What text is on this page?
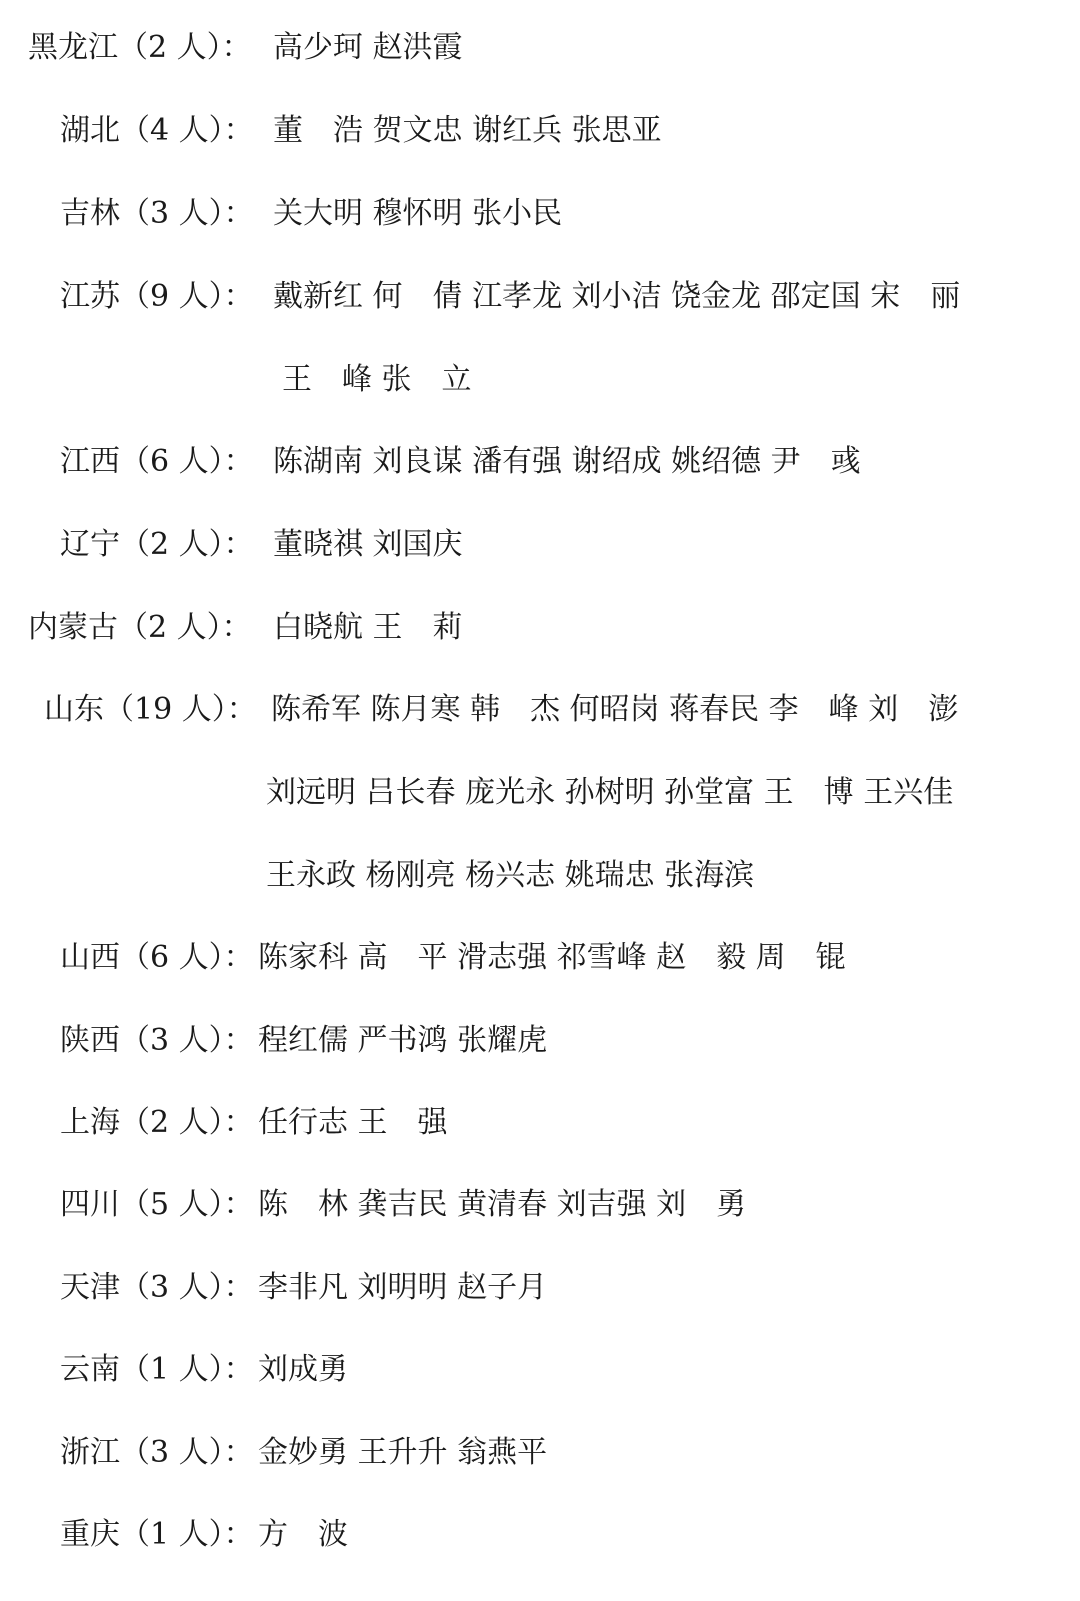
黑龙江（2 人）： 高少珂 赵洪霞
湖北（4 人）： 董　浩 贺文忠 谢红兵 张思亚
吉林（3 人）： 关大明 穆怀明 张小民
江苏（9 人）： 戴新红 何　倩 江孝龙 刘小洁 饶金龙 邵定国 宋　丽
王　峰 张　立
江西（6 人）： 陈湖南 刘良谋 潘有强 谢绍成 姚绍德 尹　彧
辽宁（2 人）： 董晓祺 刘国庆
内蒙古（2 人）： 白晓航 王　莉
山东（19 人）： 陈希军 陈月寒 韩　杰 何昭岗 蒋春民 李　峰 刘　澎
刘远明 吕长春 庞光永 孙树明 孙堂富 王　博 王兴佳
王永政 杨刚亮 杨兴志 姚瑞忠 张海滨
山西（6 人）： 陈家科 高　平 滑志强 祁雪峰 赵　毅 周　锟
陕西（3 人）： 程红儒 严书鸿 张耀虎
上海（2 人）： 任行志 王　强
四川（5 人）： 陈　林 龚吉民 黄清春 刘吉强 刘　勇
天津（3 人）： 李非凡 刘明明 赵子月
云南（1 人）： 刘成勇
浙江（3 人）： 金妙勇 王升升 翁燕平
重庆（1 人）： 方　波
